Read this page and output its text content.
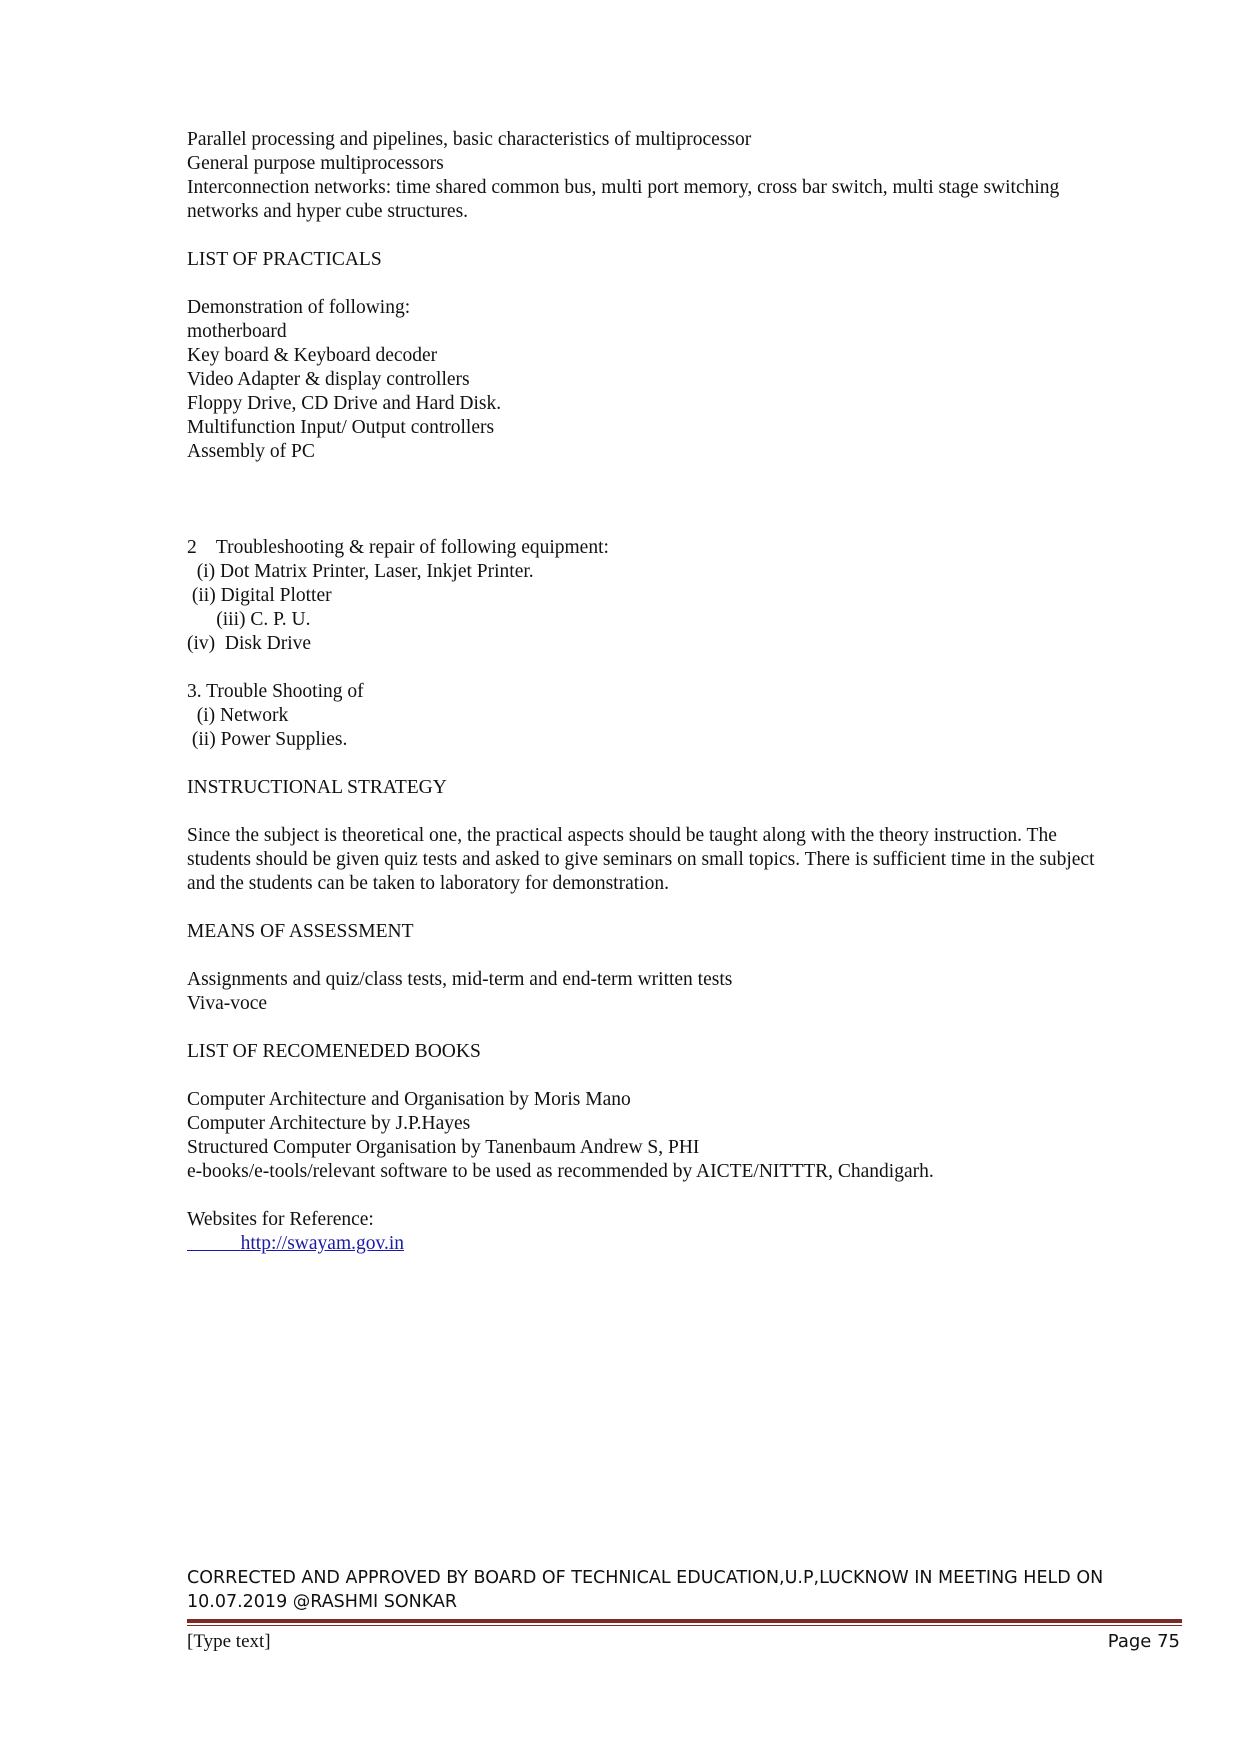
Parallel processing and pipelines, basic characteristics of multiprocessor
General purpose multiprocessors
Interconnection networks: time shared common bus, multi port memory, cross bar switch, multi stage switching
networks and hyper cube structures.
LIST OF PRACTICALS
Demonstration of following:
motherboard
Key board & Keyboard decoder
Video Adapter & display controllers
Floppy Drive, CD Drive and Hard Disk.
Multifunction Input/ Output controllers
Assembly of PC
2    Troubleshooting & repair of following equipment:
(i) Dot Matrix Printer, Laser, Inkjet Printer.
(ii) Digital Plotter
(iii) C. P. U.
(iv)  Disk Drive
3. Trouble Shooting of
(i) Network
(ii) Power Supplies.
INSTRUCTIONAL STRATEGY
Since the subject is theoretical one, the practical aspects should be taught along with the theory instruction. The
students should be given quiz tests and asked to give seminars on small topics. There is sufficient time in the subject
and the students can be taken to laboratory for demonstration.
MEANS OF ASSESSMENT
Assignments and quiz/class tests, mid-term and end-term written tests
Viva-voce
LIST OF RECOMENEDED BOOKS
Computer Architecture and Organisation by Moris Mano
Computer Architecture by J.P.Hayes
Structured Computer Organisation by Tanenbaum Andrew S, PHI
e-books/e-tools/relevant software to be used as recommended by AICTE/NITTTR, Chandigarh.
Websites for Reference:
http://swayam.gov.in
CORRECTED AND APPROVED BY BOARD OF TECHNICAL EDUCATION,U.P,LUCKNOW IN MEETING HELD ON
10.07.2019 @RASHMI SONKAR
[Type text]	Page 75
